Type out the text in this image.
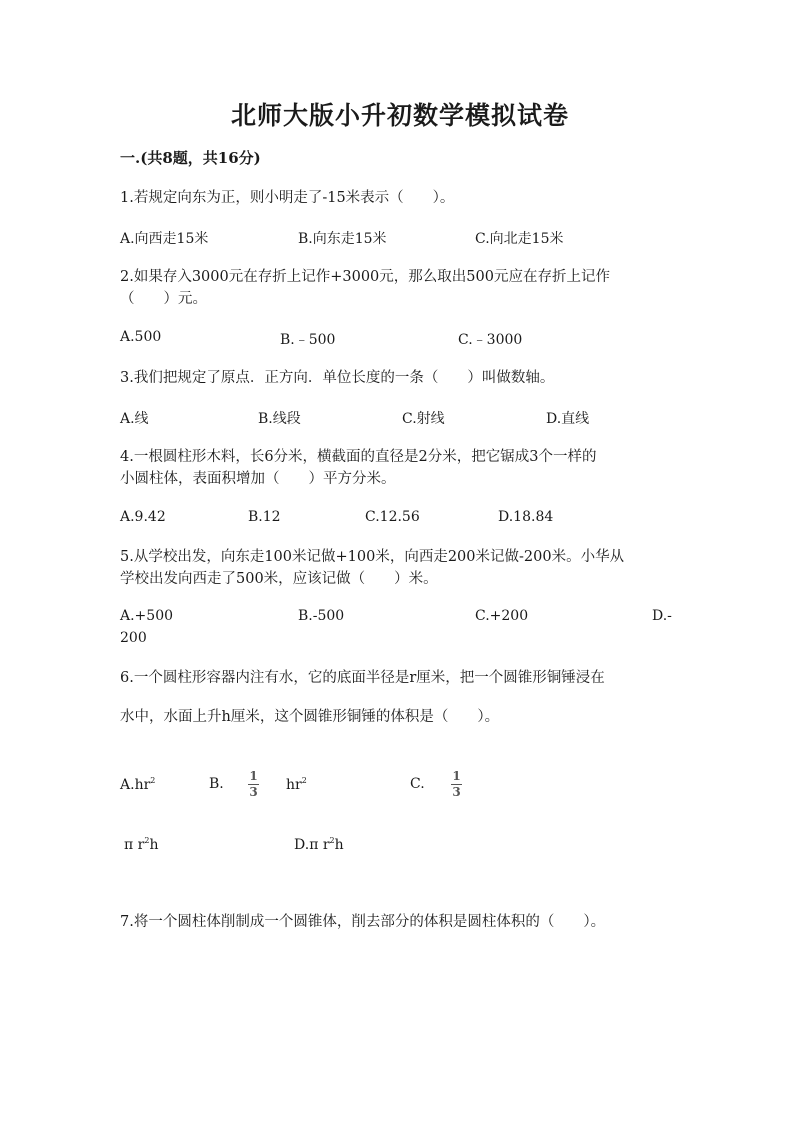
北师大版小升初数学模拟试卷
一.(共8题，共16分)
1.若规定向东为正，则小明走了-15米表示（　　）。
A.向西走15米	B.向东走15米	C.向北走15米
2.如果存入3000元在存折上记作+3000元，那么取出500元应在存折上记作
（　　）元。
A.500	B.﹣500	C.﹣3000
3.我们把规定了原点．正方向．单位长度的一条（　　）叫做数轴。
A.线	B.线段	C.射线	D.直线
4.一根圆柱形木料，长6分米，横截面的直径是2分米，把它锯成3个一样的
小圆柱体，表面积增加（　　）平方分米。
A.9.42	B.12	C.12.56	D.18.84
5.从学校出发，向东走100米记做+100米，向西走200米记做-200米。小华从
学校出发向西走了500米，应该记做（　　）米。
A.+500	B.-500	C.+200	D.-
200
6.一个圆柱形容器内注有水，它的底面半径是r厘米，把一个圆锥形铜锤浸在
水中，水面上升h厘米，这个圆锥形铜锤的体积是（　　）。
$A.hr^2$	B. 1
3 $hr^2$	C. 1
3
π $r^2h$	D.π $r^2h$
7.将一个圆柱体削制成一个圆锥体，削去部分的体积是圆柱体积的（　　）。
